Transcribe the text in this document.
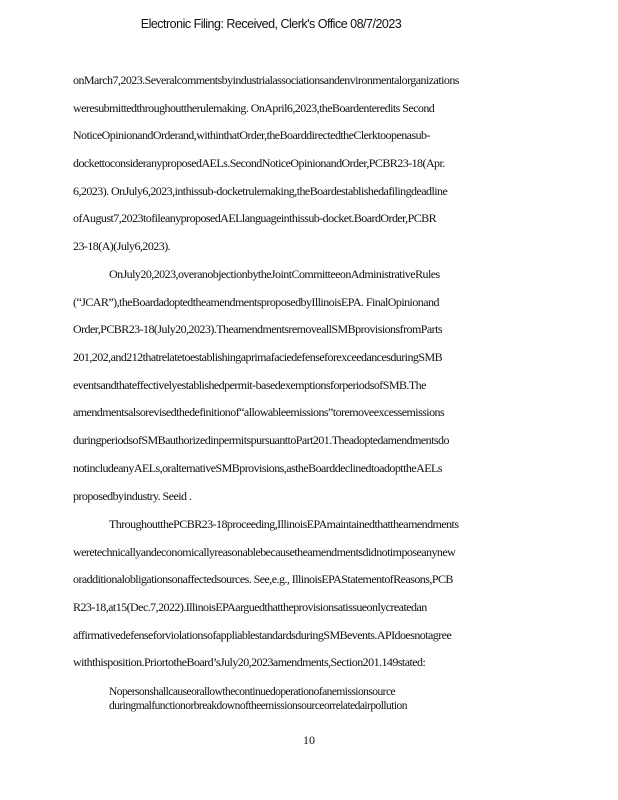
Electronic Filing: Received, Clerk's Office 08/7/2023
onMarch7,2023.Severalcommentsbyindustrialassociationsandenvironmentalorganizations
weresubmittedthroughouttherulemaking. OnApril6,2023,theBoardenteredits Second
NoticeOpinionandOrderand,withinthatOrder,theBoarddirectedtheClerktoopenasub-
dockettoconsideranyproposedAELs.SecondNoticeOpinionandOrder,PCBR23-18(Apr.
6,2023). OnJuly6,2023,inthissub-docketrulemaking,theBoardestablishedafilingdeadline
ofAugust7,2023tofileanyproposedAELlanguageinthissub-docket.BoardOrder,PCBR
23-18(A)(July6,2023).
OnJuly20,2023,overanobjectionbytheJointCommitteeonAdministrativeRules
(“JCAR”),theBoardadoptedtheamendmentsproposedbyIllinoisEPA. FinalOpinionand
Order,PCBR23-18(July20,2023).TheamendmentsremoveallSMBprovisionsfromParts
201,202,and212thatrelatetoestablishingaprimafaciedefenseforexceedancesduringSMB
eventsandthateffectivelyestablishedpermit-basedexemptionsforperiodsofSMB.The
amendmentsalsorevisedthedefinitionof“allowableemissions”toremoveexcessemissions
duringperiodsofSMBauthorizedinpermitspursuanttoPart201.Theadoptedamendmentsdo
notincludeanyAELs,oralternativeSMBprovisions,astheBoarddeclinedtoadopttheAELs
proposedbyindustry. Seeid .
ThroughoutthePCBR23-18proceeding,IllinoisEPAmaintainedthattheamendments
weretechnicallyandeconomicallyreasonablebecausetheamendmentsdidnotimposeanynew
oradditionalobligationsonaffectedsources. See,e.g., IllinoisEPAStatementofReasons,PCB
R23-18,at15(Dec.7,2022).IllinoisEPAarguedthattheprovisionsatissueonlycreatedan
affirmativedefenseforviolationsofappliablestandardsduringSMBevents.APIdoesnotagree
withthisposition.PriortotheBoard’sJuly20,2023amendments,Section201.149stated:
Nopersonshallcauseorallowthecontinuedoperationofanemissionsource
duringmalfunctionorbreakdownoftheemissionsourceorrelatedairpollution
10
